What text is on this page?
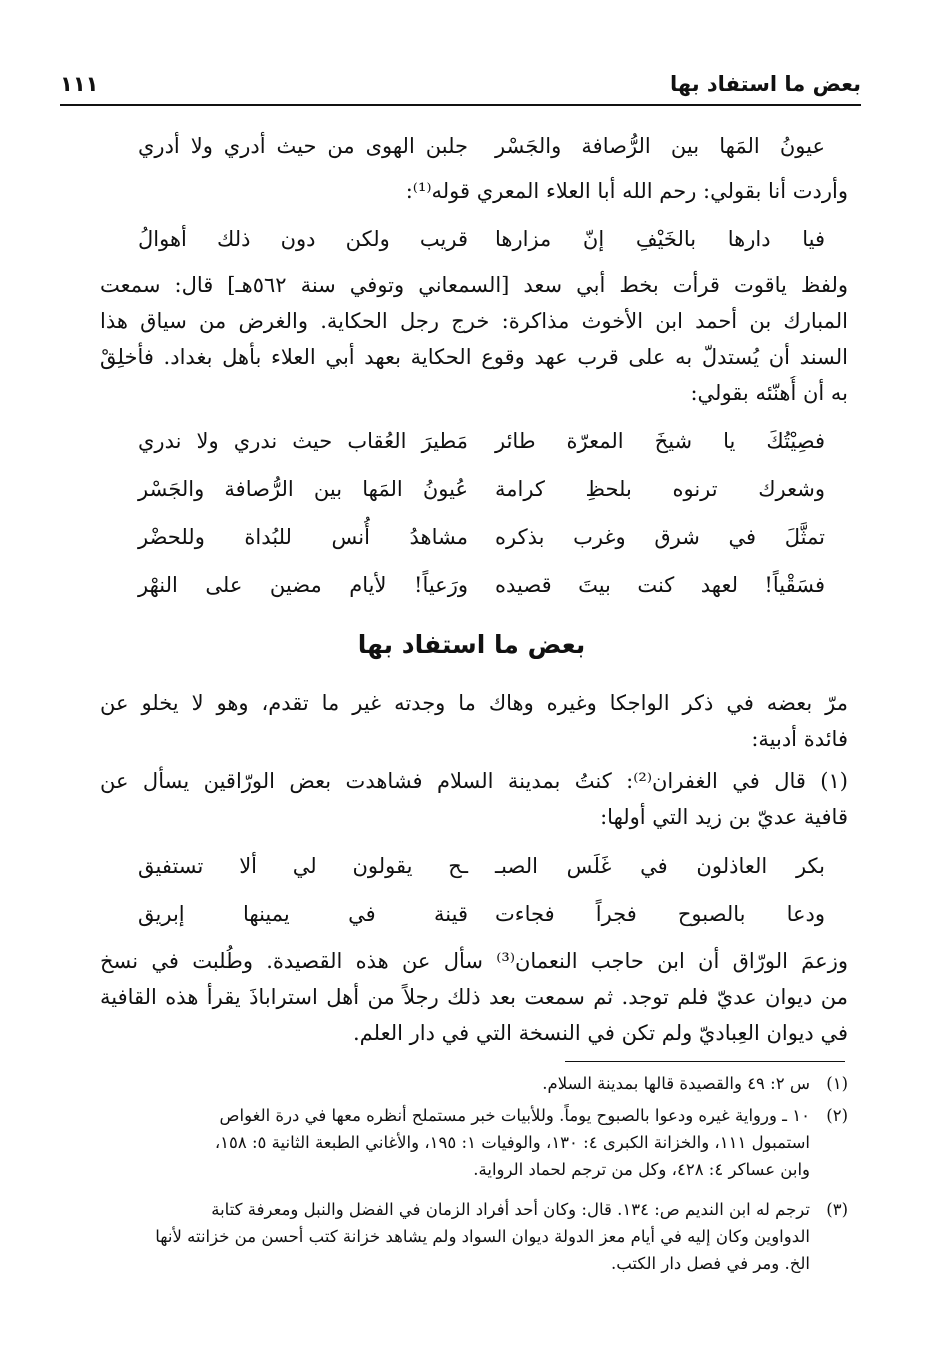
بعض ما استفاد بها
١١١
عيونُ المَها بين الرُّصافة والجَسْر
جلبن الهوى من حيث أدري ولا أدري
وأردت أنا بقولي: رحم الله أبا العلاء المعري قوله⁽¹⁾:
فيا دارها بالخَيْفِ إنّ مزارها
قريب ولكن دون ذلك أهوالُ
ولفظ ياقوت قرأت بخط أبي سعد [السمعاني وتوفي سنة ٥٦٢هـ] قال: سمعت
المبارك بن أحمد ابن الأخوث مذاكرة: خرج رجل الحكاية. والغرض من سياق هذا
السند أن يُستدلّ به على قرب عهد وقوع الحكاية بعهد أبي العلاء بأهل بغداد. فأخلِقْ
به أن أُهنّئه بقولي:
فصِيْتُكَ يا شيخَ المعرّة طائر
مَطيرَ العُقاب حيث ندري ولا ندري
وشعرك ترنوه بلحظِ كرامة
عُيونُ المَها بين الرُّصافة والجَسْر
تمثَّلَ في شرق وغرب بذكره
مشاهدُ أُنس للبُداة وللحضْر
فسَقْياً! لعهد كنت بيتَ قصيده
ورَعياً! لأيام مضين على النهْر
بعض ما استفاد بها
مرّ بعضه في ذكر الواجكا وغيره وهاك ما وجدته غير ما تقدم، وهو لا يخلو عن
فائدة أدبية:
(١) قال في الغفران⁽²⁾: كنتُ بمدينة السلام فشاهدت بعض الورّاقين يسأل عن
قافية عديّ بن زيد التي أولها:
بكر العاذلون في غَلَس الصبـ
ـح يقولون لي ألا تستفيق
ودعا بالصبوح فجراً فجاءت
قينة في يمينها إبريق
وزعمَ الورّاق أن ابن حاجب النعمان⁽³⁾ سأل عن هذه القصيدة. وطُلبت في نسخ
من ديوان عديّ فلم توجد. ثم سمعت بعد ذلك رجلاً من أهل استراباذَ يقرأ هذه القافية
في ديوان العِباديّ ولم تكن في النسخة التي في دار العلم.
(١)س ٢: ٤٩ والقصيدة قالها بمدينة السلام.
(٢)١٠ ـ ورواية غيره ودعوا بالصبوح يوماً. وللأبيات خبر مستملح أنظره معها في درة الغواص
استمبول ١١١، والخزانة الكبرى ٤: ١٣٠، والوفيات ١: ١٩٥، والأغاني الطبعة الثانية ٥: ١٥٨،
وابن عساكر ٤: ٤٢٨، وكل من ترجم لحماد الرواية.
(٣)ترجم له ابن النديم ص: ١٣٤. قال: وكان أحد أفراد الزمان في الفضل والنبل ومعرفة كتابة
الدواوين وكان إليه في أيام معز الدولة ديوان السواد ولم يشاهد خزانة كتب أحسن من خزانته لأنها
الخ. ومر في فصل دار الكتب.
